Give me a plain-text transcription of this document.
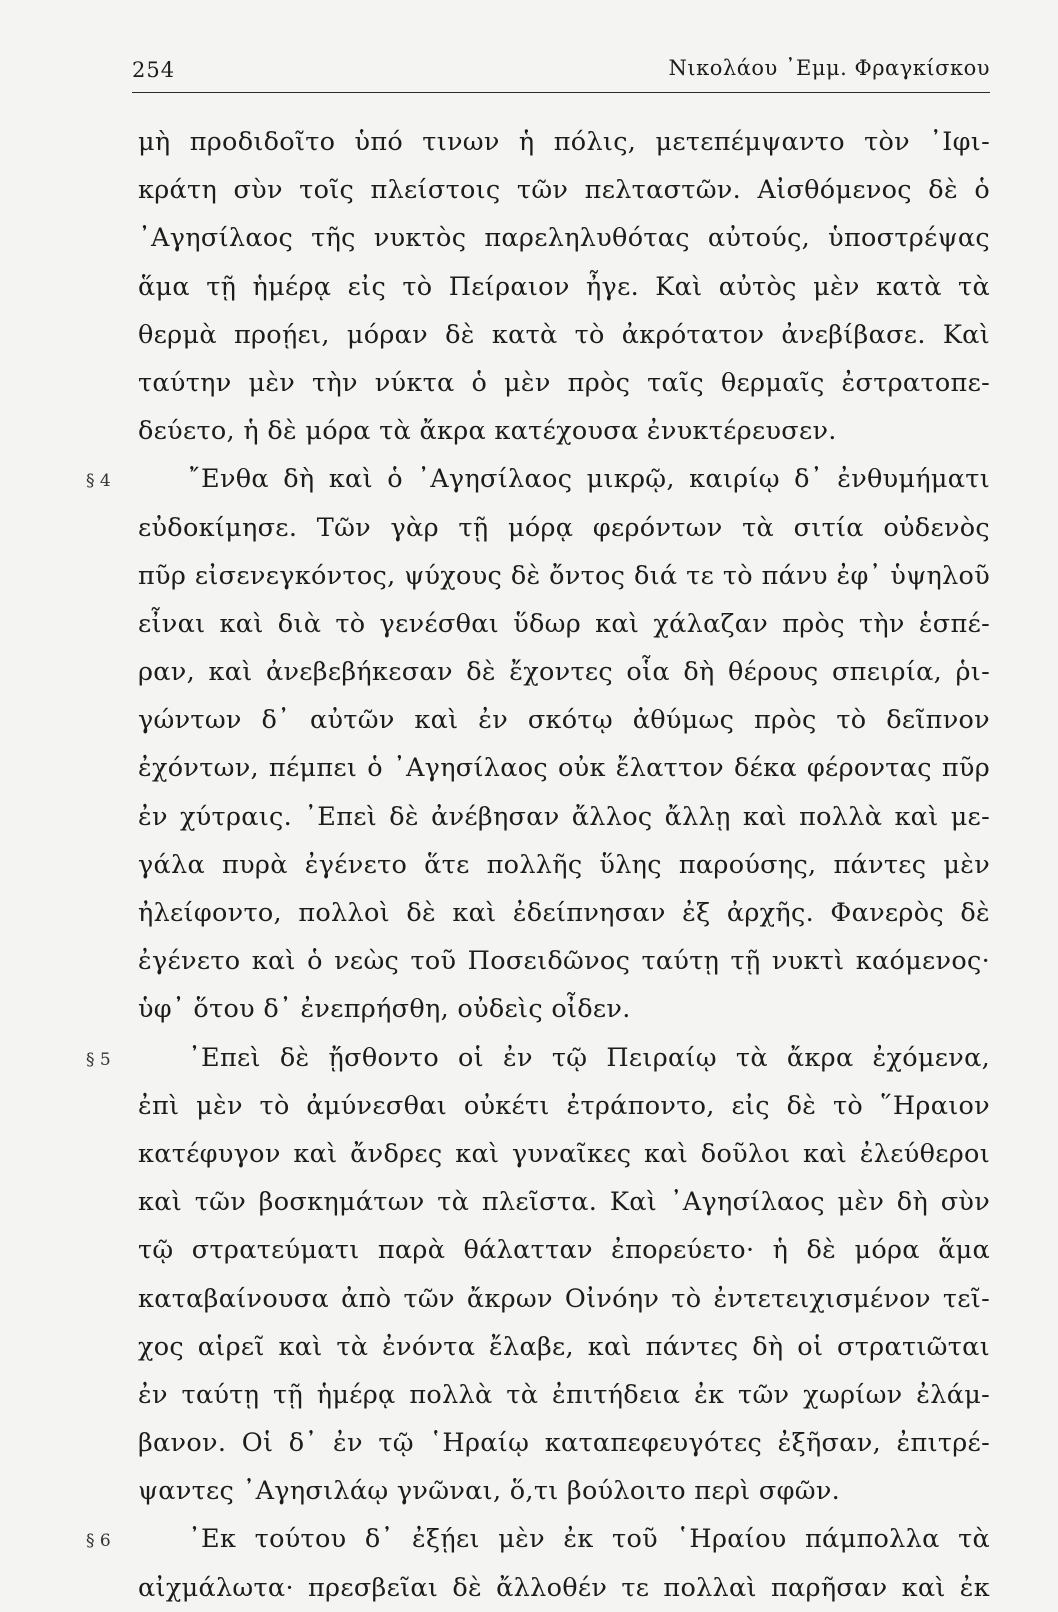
254	Νικολάου ᾿Εμμ. Φραγκίσκου
μὴ προδιδοῖτο ὑπό τινων ἡ πόλις, μετεπέμψαντο τὸν ᾿Ιφι-
κράτη σὺν τοῖς πλείστοις τῶν πελταστῶν. Αἰσθόμενος δὲ ὁ
᾿Αγησίλαος τῆς νυκτὸς παρεληλυθότας αὐτούς, ὑποστρέψας
ἅμα τῇ ἡμέρᾳ εἰς τὸ Πείραιον ἦγε. Καὶ αὐτὸς μὲν κατὰ τὰ
θερμὰ προῄει, μόραν δὲ κατὰ τὸ ἀκρότατον ἀνεβίβασε. Καὶ
ταύτην μὲν τὴν νύκτα ὁ μὲν πρὸς ταῖς θερμαῖς ἐστρατοπε-
δεύετο, ἡ δὲ μόρα τὰ ἄκρα κατέχουσα ἐνυκτέρευσεν.
§ 4	῎Ενθα δὴ καὶ ὁ ᾿Αγησίλαος μικρῷ, καιρίῳ δ᾿ ἐνθυμήματι
εὐδοκίμησε. Τῶν γὰρ τῇ μόρᾳ φερόντων τὰ σιτία οὐδενὸς
πῦρ εἰσενεγκόντος, ψύχους δὲ ὄντος διά τε τὸ πάνυ ἐφ᾿ ὑψηλοῦ
εἶναι καὶ διὰ τὸ γενέσθαι ὕδωρ καὶ χάλαζαν πρὸς τὴν ἑσπέ-
ραν, καὶ ἀνεβεβήκεσαν δὲ ἔχοντες οἷα δὴ θέρους σπειρία, ῥι-
γώντων δ᾿ αὐτῶν καὶ ἐν σκότῳ ἀθύμως πρὸς τὸ δεῖπνον
ἐχόντων, πέμπει ὁ ᾿Αγησίλαος οὐκ ἔλαττον δέκα φέροντας πῦρ
ἐν χύτραις. ᾿Επεὶ δὲ ἀνέβησαν ἄλλος ἄλλῃ καὶ πολλὰ καὶ με-
γάλα πυρὰ ἐγένετο ἅτε πολλῆς ὕλης παρούσης, πάντες μὲν
ἠλείφοντο, πολλοὶ δὲ καὶ ἐδείπνησαν ἐξ ἀρχῆς. Φανερὸς δὲ
ἐγένετο καὶ ὁ νεὼς τοῦ Ποσειδῶνος ταύτῃ τῇ νυκτὶ καόμενος·
ὑφ᾿ ὅτου δ᾿ ἐνεπρήσθη, οὐδεὶς οἶδεν.
§ 5	᾿Επεὶ δὲ ᾔσθοντο οἱ ἐν τῷ Πειραίῳ τὰ ἄκρα ἐχόμενα,
ἐπὶ μὲν τὸ ἀμύνεσθαι οὐκέτι ἐτράποντο, εἰς δὲ τὸ ῞Ηραιον
κατέφυγον καὶ ἄνδρες καὶ γυναῖκες καὶ δοῦλοι καὶ ἐλεύθεροι
καὶ τῶν βοσκημάτων τὰ πλεῖστα. Καὶ ᾿Αγησίλαος μὲν δὴ σὺν
τῷ στρατεύματι παρὰ θάλατταν ἐπορεύετο· ἡ δὲ μόρα ἅμα
καταβαίνουσα ἀπὸ τῶν ἄκρων Οἰνόην τὸ ἐντετειχισμένον τεῖ-
χος αἱρεῖ καὶ τὰ ἐνόντα ἔλαβε, καὶ πάντες δὴ οἱ στρατιῶται
ἐν ταύτῃ τῇ ἡμέρᾳ πολλὰ τὰ ἐπιτήδεια ἐκ τῶν χωρίων ἐλάμ-
βανον. Οἱ δ᾿ ἐν τῷ ῾Ηραίῳ καταπεφευγότες ἐξῆσαν, ἐπιτρέ-
ψαντες ᾿Αγησιλάῳ γνῶναι, ὅ,τι βούλοιτο περὶ σφῶν.
§ 6	᾿Εκ τούτου δ᾿ ἐξῄει μὲν ἐκ τοῦ ῾Ηραίου πάμπολλα τὰ
αἰχμάλωτα· πρεσβεῖαι δὲ ἄλλοθέν τε πολλαὶ παρῆσαν καὶ ἐκ
